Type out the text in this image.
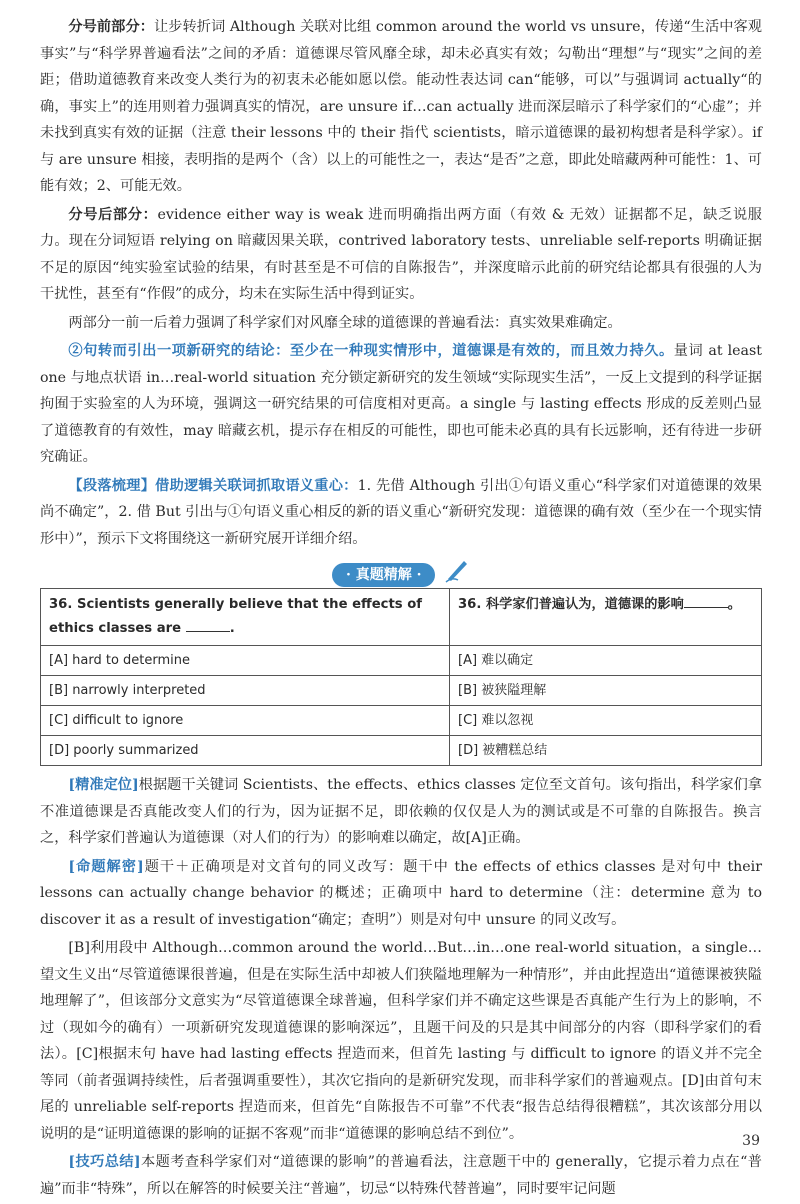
分号前部分：让步转折词 Although 关联对比组 common around the world vs unsure，传递“生活中客观事实”与“科学界普遍看法”之间的矛盾：道德课尽管风靡全球，却未必真实有效；勾勒出“理想”与“现实”之间的差距；借助道德教育来改变人类行为的初衷未必能如愿以偿。能动性表达词 can“能够，可以”与强调词 actually“的确，事实上”的连用则着力强调真实的情况，are unsure if…can actually 进而深层暗示了科学家们的“心虚”；并未找到真实有效的证据（注意 their lessons 中的 their 指代 scientists，暗示道德课的最初构想者是科学家）。if 与 are unsure 相接，表明指的是两个（含）以上的可能性之一，表达“是否”之意，即此处暗藏两种可能性：1、可能有效；2、可能无效。

分号后部分：evidence either way is weak 进而明确指出两方面（有效 & 无效）证据都不足，缺乏说服力。现在分词短语 relying on 暗藏因果关联，contrived laboratory tests、unreliable self-reports 明确证据不足的原因“纯实验室试验的结果，有时甚至是不可信的自陈报告”，并深度暗示此前的研究结论都具有很强的人为干扰性，甚至有“作假”的成分，均未在实际生活中得到证实。

两部分一前一后着力强调了科学家们对风靡全球的道德课的普遍看法：真实效果难确定。

②句转而引出一项新研究的结论：至少在一种现实情形中，道德课是有效的，而且效力持久。量词 at least one 与地点状语 in…real-world situation 充分锁定新研究的发生领域“实际现实生活”，一反上文提到的科学证据拘囿于实验室的人为环境，强调这一研究结果的可信度相对更高。a single 与 lasting effects 形成的反差则凸显了道德教育的有效性，may 暗藏玄机，提示存在相反的可能性，即也可能未必真的具有长远影响，还有待进一步研究确证。

【段落梳理】借助逻辑关联词抓取语义重心：1. 先借 Although 引出①句语义重心“科学家们对道德课的效果尚不确定”，2. 借 But 引出与①句语义重心相反的新的语义重心“新研究发现：道德课的确有效（至少在一个现实情形中）”，预示下文将围绕这一新研究展开详细介绍。

· 真题精解 ·
36. Scientists generally believe that the effects of ethics classes are .	36. 科学家们普遍认为，道德课的影响 。
[A] hard to determine	[A] 难以确定
[B] narrowly interpreted	[B] 被狭隘理解
[C] difficult to ignore	[C] 难以忽视
[D] poorly summarized	[D] 被糟糕总结

[精准定位]根据题干关键词 Scientists、the effects、ethics classes 定位至文首句。该句指出，科学家们拿不准道德课是否真能改变人们的行为，因为证据不足，即依赖的仅仅是人为的测试或是不可靠的自陈报告。换言之，科学家们普遍认为道德课（对人们的行为）的影响难以确定，故[A]正确。

[命题解密]题干＋正确项是对文首句的同义改写：题干中 the effects of ethics classes 是对句中 their lessons can actually change behavior 的概述；正确项中 hard to determine（注：determine 意为 to discover it as a result of investigation“确定；查明”）则是对句中 unsure 的同义改写。

[B]利用段中 Although…common around the world…But…in…one real-world situation，a single…望文生义出“尽管道德课很普遍，但是在实际生活中却被人们狭隘地理解为一种情形”，并由此捏造出“道德课被狭隘地理解了”，但该部分文意实为“尽管道德课全球普遍，但科学家们并不确定这些课是否真能产生行为上的影响，不过（现如今的确有）一项新研究发现道德课的影响深远”，且题干问及的只是其中间部分的内容（即科学家们的看法）。[C]根据末句 have had lasting effects 捏造而来，但首先 lasting 与 difficult to ignore 的语义并不完全等同（前者强调持续性，后者强调重要性），其次它指向的是新研究发现，而非科学家们的普遍观点。[D]由首句末尾的 unreliable self-reports 捏造而来，但首先“自陈报告不可靠”不代表“报告总结得很糟糕”，其次该部分用以说明的是“证明道德课的影响的证据不客观”而非“道德课的影响总结不到位”。

[技巧总结]本题考查科学家们对“道德课的影响”的普遍看法，注意题干中的 generally，它提示着力点在“普遍”而非“特殊”，所以在解答的时候要关注“普遍”，切忌“以特殊代替普遍”，同时要牢记问题

39
